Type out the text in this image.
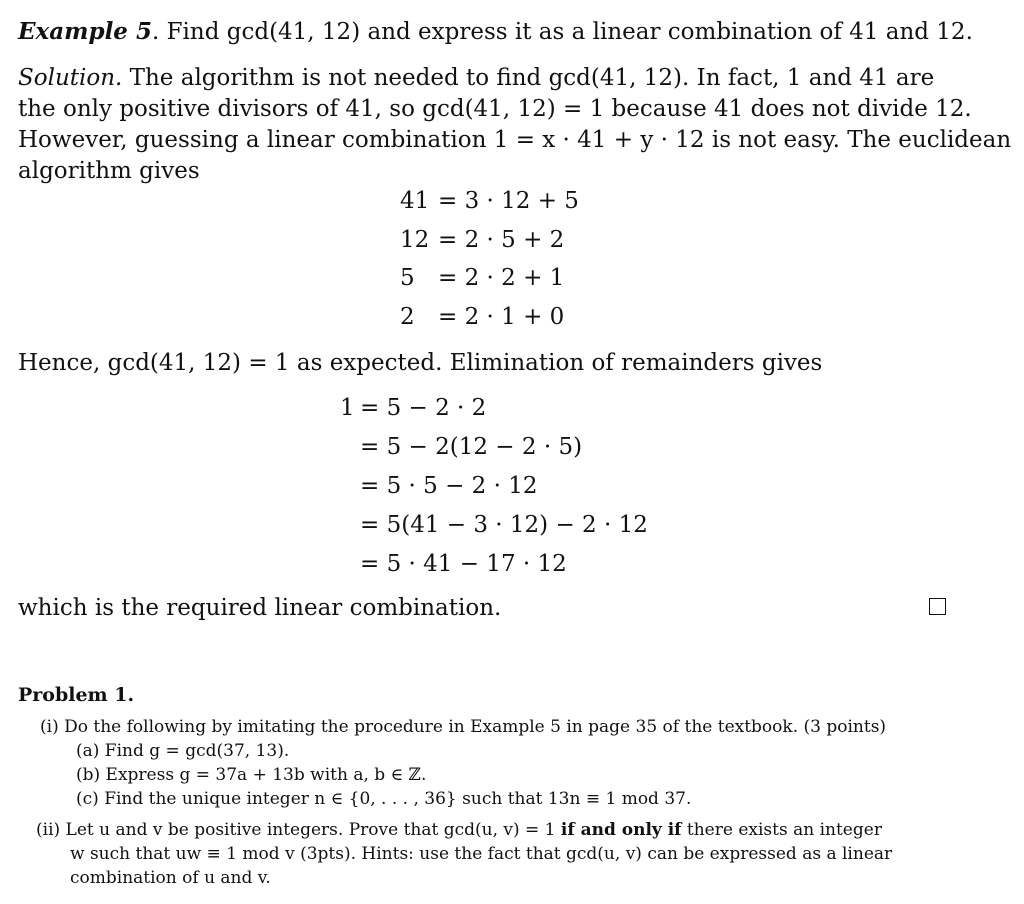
Example 5. Find gcd(41, 12) and express it as a linear combination of 41 and 12.
Solution. The algorithm is not needed to find gcd(41, 12). In fact, 1 and 41 are
the only positive divisors of 41, so gcd(41, 12) = 1 because 41 does not divide 12.
However, guessing a linear combination 1 = x · 41 + y · 12 is not easy. The euclidean
algorithm gives
41 = 3 · 12 + 5
12 = 2 · 5 + 2
5 = 2 · 2 + 1
2 = 2 · 1 + 0
Hence, gcd(41, 12) = 1 as expected. Elimination of remainders gives
1 = 5 − 2 · 2
= 5 − 2(12 − 2 · 5)
= 5 · 5 − 2 · 12
= 5(41 − 3 · 12) − 2 · 12
= 5 · 41 − 17 · 12
which is the required linear combination.
Problem 1.
(i) Do the following by imitating the procedure in Example 5 in page 35 of the textbook. (3 points)
(a) Find g = gcd(37, 13).
(b) Express g = 37a + 13b with a, b ∈ ℤ.
(c) Find the unique integer n ∈ {0, . . . , 36} such that 13n ≡ 1 mod 37.
(ii) Let u and v be positive integers. Prove that gcd(u, v) = 1 if and only if there exists an integer
w such that uw ≡ 1 mod v (3pts). Hints: use the fact that gcd(u, v) can be expressed as a linear
combination of u and v.
